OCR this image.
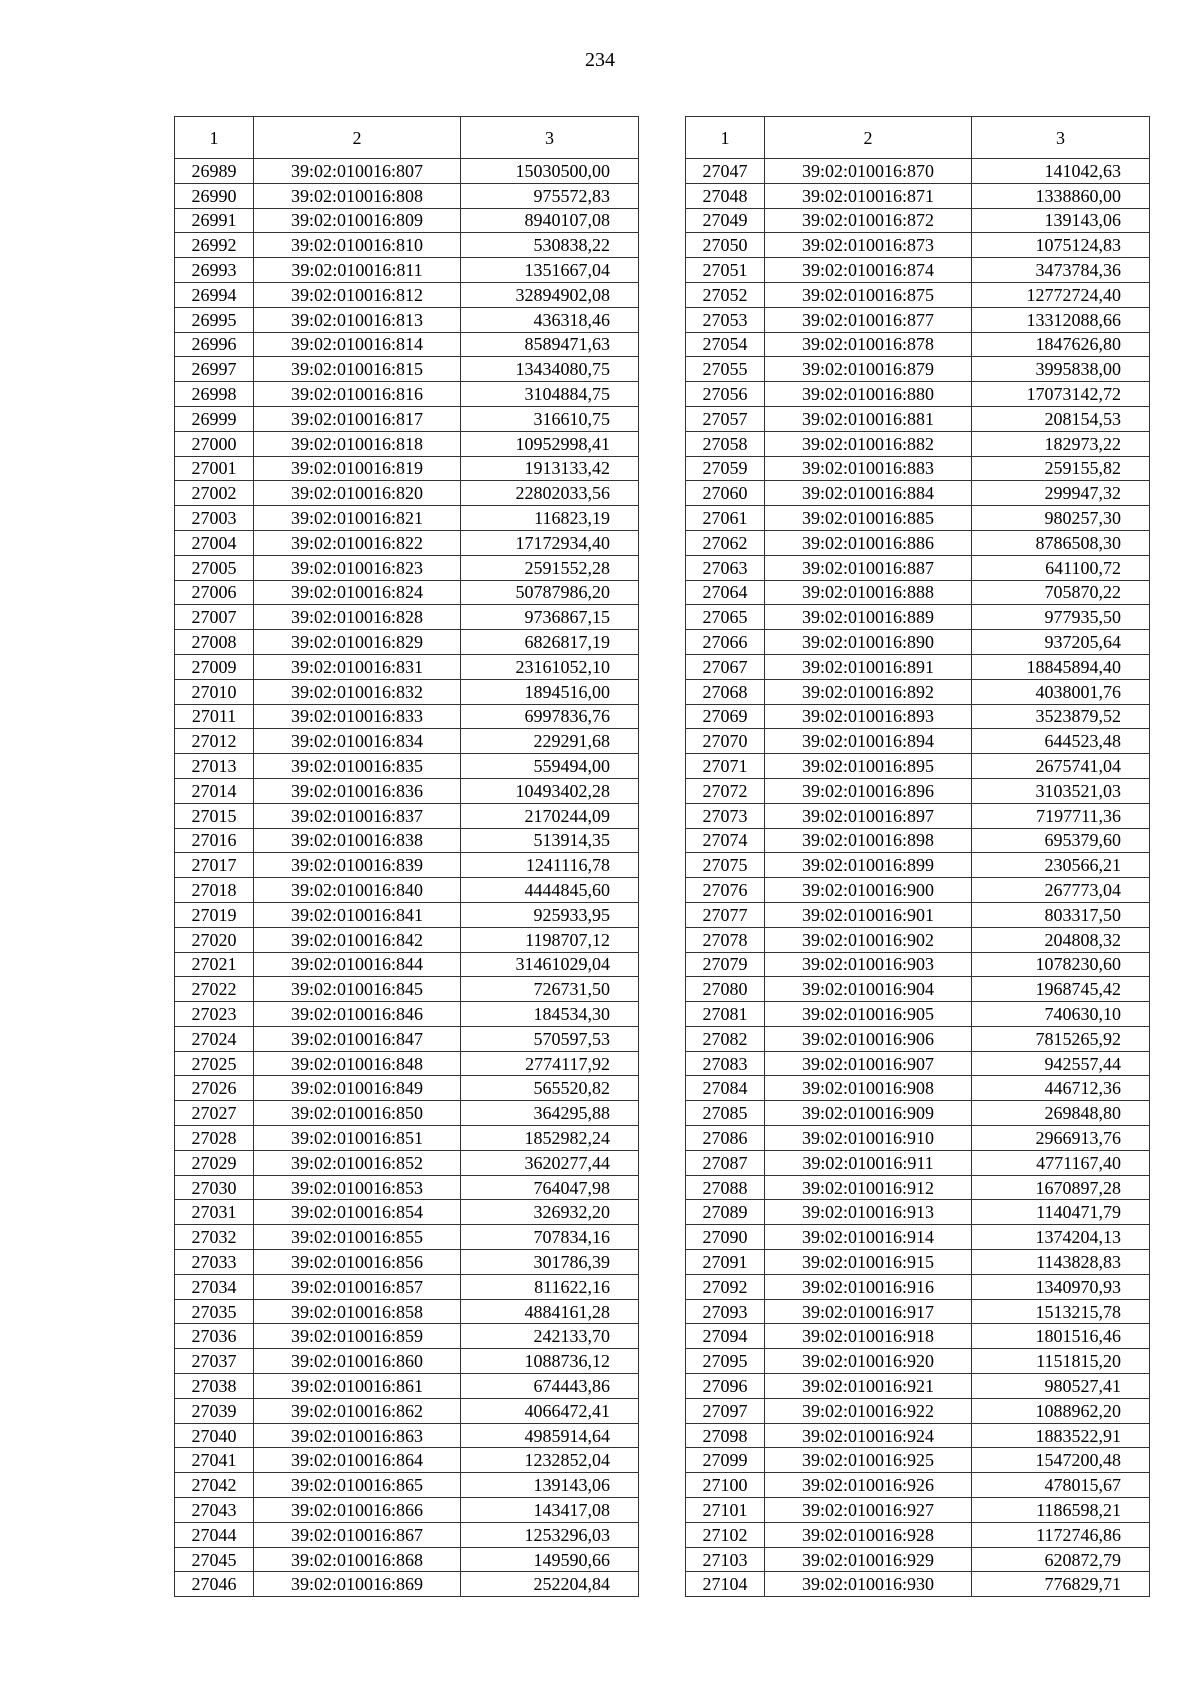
234
1	2	3
26989	39:02:010016:807	15030500,00
26990	39:02:010016:808	975572,83
26991	39:02:010016:809	8940107,08
26992	39:02:010016:810	530838,22
26993	39:02:010016:811	1351667,04
26994	39:02:010016:812	32894902,08
26995	39:02:010016:813	436318,46
26996	39:02:010016:814	8589471,63
26997	39:02:010016:815	13434080,75
26998	39:02:010016:816	3104884,75
26999	39:02:010016:817	316610,75
27000	39:02:010016:818	10952998,41
27001	39:02:010016:819	1913133,42
27002	39:02:010016:820	22802033,56
27003	39:02:010016:821	116823,19
27004	39:02:010016:822	17172934,40
27005	39:02:010016:823	2591552,28
27006	39:02:010016:824	50787986,20
27007	39:02:010016:828	9736867,15
27008	39:02:010016:829	6826817,19
27009	39:02:010016:831	23161052,10
27010	39:02:010016:832	1894516,00
27011	39:02:010016:833	6997836,76
27012	39:02:010016:834	229291,68
27013	39:02:010016:835	559494,00
27014	39:02:010016:836	10493402,28
27015	39:02:010016:837	2170244,09
27016	39:02:010016:838	513914,35
27017	39:02:010016:839	1241116,78
27018	39:02:010016:840	4444845,60
27019	39:02:010016:841	925933,95
27020	39:02:010016:842	1198707,12
27021	39:02:010016:844	31461029,04
27022	39:02:010016:845	726731,50
27023	39:02:010016:846	184534,30
27024	39:02:010016:847	570597,53
27025	39:02:010016:848	2774117,92
27026	39:02:010016:849	565520,82
27027	39:02:010016:850	364295,88
27028	39:02:010016:851	1852982,24
27029	39:02:010016:852	3620277,44
27030	39:02:010016:853	764047,98
27031	39:02:010016:854	326932,20
27032	39:02:010016:855	707834,16
27033	39:02:010016:856	301786,39
27034	39:02:010016:857	811622,16
27035	39:02:010016:858	4884161,28
27036	39:02:010016:859	242133,70
27037	39:02:010016:860	1088736,12
27038	39:02:010016:861	674443,86
27039	39:02:010016:862	4066472,41
27040	39:02:010016:863	4985914,64
27041	39:02:010016:864	1232852,04
27042	39:02:010016:865	139143,06
27043	39:02:010016:866	143417,08
27044	39:02:010016:867	1253296,03
27045	39:02:010016:868	149590,66
27046	39:02:010016:869	252204,84
1	2	3
27047	39:02:010016:870	141042,63
27048	39:02:010016:871	1338860,00
27049	39:02:010016:872	139143,06
27050	39:02:010016:873	1075124,83
27051	39:02:010016:874	3473784,36
27052	39:02:010016:875	12772724,40
27053	39:02:010016:877	13312088,66
27054	39:02:010016:878	1847626,80
27055	39:02:010016:879	3995838,00
27056	39:02:010016:880	17073142,72
27057	39:02:010016:881	208154,53
27058	39:02:010016:882	182973,22
27059	39:02:010016:883	259155,82
27060	39:02:010016:884	299947,32
27061	39:02:010016:885	980257,30
27062	39:02:010016:886	8786508,30
27063	39:02:010016:887	641100,72
27064	39:02:010016:888	705870,22
27065	39:02:010016:889	977935,50
27066	39:02:010016:890	937205,64
27067	39:02:010016:891	18845894,40
27068	39:02:010016:892	4038001,76
27069	39:02:010016:893	3523879,52
27070	39:02:010016:894	644523,48
27071	39:02:010016:895	2675741,04
27072	39:02:010016:896	3103521,03
27073	39:02:010016:897	7197711,36
27074	39:02:010016:898	695379,60
27075	39:02:010016:899	230566,21
27076	39:02:010016:900	267773,04
27077	39:02:010016:901	803317,50
27078	39:02:010016:902	204808,32
27079	39:02:010016:903	1078230,60
27080	39:02:010016:904	1968745,42
27081	39:02:010016:905	740630,10
27082	39:02:010016:906	7815265,92
27083	39:02:010016:907	942557,44
27084	39:02:010016:908	446712,36
27085	39:02:010016:909	269848,80
27086	39:02:010016:910	2966913,76
27087	39:02:010016:911	4771167,40
27088	39:02:010016:912	1670897,28
27089	39:02:010016:913	1140471,79
27090	39:02:010016:914	1374204,13
27091	39:02:010016:915	1143828,83
27092	39:02:010016:916	1340970,93
27093	39:02:010016:917	1513215,78
27094	39:02:010016:918	1801516,46
27095	39:02:010016:920	1151815,20
27096	39:02:010016:921	980527,41
27097	39:02:010016:922	1088962,20
27098	39:02:010016:924	1883522,91
27099	39:02:010016:925	1547200,48
27100	39:02:010016:926	478015,67
27101	39:02:010016:927	1186598,21
27102	39:02:010016:928	1172746,86
27103	39:02:010016:929	620872,79
27104	39:02:010016:930	776829,71
